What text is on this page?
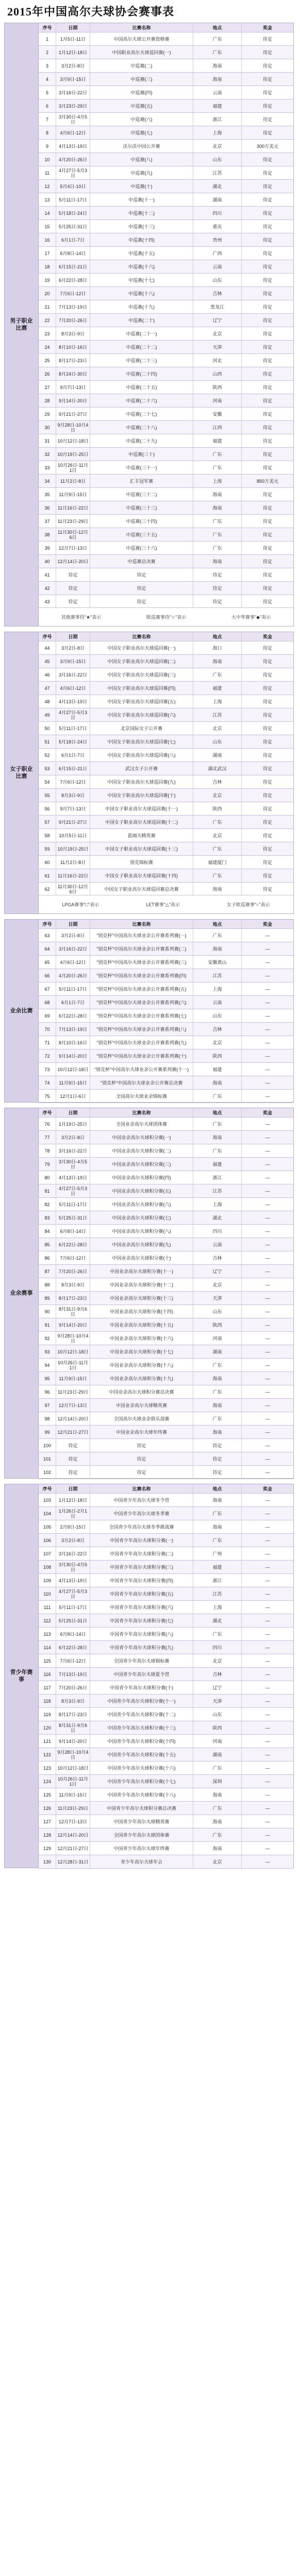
2015年中国高尔夫球协会赛事表
男子职业比赛
序号	日期	比赛名称	地点	奖金
1	1月5日-11日	中国高尔夫球公开赛资格赛	广东	待定
2	1月12日-18日	中国职业高尔夫球巡回赛(一)	广东	待定
3	3月2日-8日	中巡赛(二)	海南	待定
4	3月9日-15日	中巡赛(三)	海南	待定
5	3月16日-22日	中巡赛(四)	云南	待定
6	3月23日-29日	中巡赛(五)	福建	待定
7	3月30日-4月5日	中巡赛(六)	浙江	待定
8	4月6日-12日	中巡赛(七)	上海	待定
9	4月13日-19日	沃尔沃中国公开赛	北京	300万美元
10	4月20日-26日	中巡赛(八)	山东	待定
11	4月27日-5月3日	中巡赛(九)	江苏	待定
12	5月4日-10日	中巡赛(十)	湖北	待定
13	5月11日-17日	中巡赛(十一)	湖南	待定
14	5月18日-24日	中巡赛(十二)	四川	待定
15	5月25日-31日	中巡赛(十三)	重庆	待定
16	6月1日-7日	中巡赛(十四)	贵州	待定
17	6月8日-14日	中巡赛(十五)	广西	待定
18	6月15日-21日	中巡赛(十六)	云南	待定
19	6月22日-28日	中巡赛(十七)	山东	待定
20	7月6日-12日	中巡赛(十八)	吉林	待定
21	7月13日-19日	中巡赛(十九)	黑龙江	待定
22	7月20日-26日	中巡赛(二十)	辽宁	待定
23	8月3日-9日	中巡赛(二十一)	北京	待定
24	8月10日-16日	中巡赛(二十二)	天津	待定
25	8月17日-23日	中巡赛(二十三)	河北	待定
26	8月24日-30日	中巡赛(二十四)	山西	待定
27	9月7日-13日	中巡赛(二十五)	陕西	待定
28	9月14日-20日	中巡赛(二十六)	河南	待定
29	9月21日-27日	中巡赛(二十七)	安徽	待定
30	9月28日-10月4日	中巡赛(二十八)	江西	待定
31	10月12日-18日	中巡赛(二十九)	福建	待定
32	10月19日-25日	中巡赛(三十)	广东	待定
33	10月26日-11月1日	中巡赛(三十一)	广东	待定
34	11月2日-8日	汇丰冠军赛	上海	850万美元
35	11月9日-15日	中巡赛(三十二)	海南	待定
36	11月16日-22日	中巡赛(三十三)	海南	待定
37	11月23日-29日	中巡赛(三十四)	广东	待定
38	11月30日-12月6日	中巡赛(三十五)	广东	待定
39	12月7日-13日	中巡赛(三十六)	广东	待定
40	12月14日-20日	中巡赛总决赛	海南	待定
41	待定	待定	待定	待定
42	待定	待定	待定	待定
43	待定	待定	待定	待定
其他赛事待"★"表示	欧巡赛事待"☆"表示	大中华赛事"◆"表示
女子职业比赛
序号	日期	比赛名称	地点	奖金
44	3月2日-8日	中国女子职业高尔夫球巡回赛(一)	海口	待定
45	3月9日-15日	中国女子职业高尔夫球巡回赛(二)	海南	待定
46	3月16日-22日	中国女子职业高尔夫球巡回赛(三)	广东	待定
47	4月6日-12日	中国女子职业高尔夫球巡回赛(四)	福建	待定
48	4月13日-19日	中国女子职业高尔夫球巡回赛(五)	上海	待定
49	4月27日-5月3日	中国女子职业高尔夫球巡回赛(六)	江苏	待定
50	5月11日-17日	北京国际女子公开赛	北京	待定
51	5月18日-24日	中国女子职业高尔夫球巡回赛(七)	山东	待定
52	6月1日-7日	中国女子职业高尔夫球巡回赛(八)	湖南	待定
53	6月15日-21日	武汉女子公开赛	湖北武汉	待定
54	7月6日-12日	中国女子职业高尔夫球巡回赛(九)	吉林	待定
55	8月3日-9日	中国女子职业高尔夫球巡回赛(十)	北京	待定
56	9月7日-13日	中国女子职业高尔夫球巡回赛(十一)	陕西	待定
57	9月21日-27日	中国女子职业高尔夫球巡回赛(十二)	广东	待定
58	10月5日-11日	蓝阔夫精英赛	北京	待定
59	10月19日-25日	中国女子职业高尔夫球巡回赛(十三)	广东	待定
60	11月2日-8日	别克锦标赛	福建厦门	待定
61	11月16日-22日	中国女子职业高尔夫球巡回赛(十四)	广东	待定
62	11月30日-12月6日	中国女子职业高尔夫球巡回赛总决赛	海南	待定
LPGA赛事"□"表示	LET赛事"△"表示	女子欧巡赛事"○"表示
业余比赛
序号	日期	比赛名称	地点	奖金
63	3月2日-8日	"别克杯"中国高尔夫球业余公开赛系列赛(一)	广东	—
64	3月16日-22日	"别克杯"中国高尔夫球业余公开赛系列赛(二)	海南	—
65	4月6日-12日	"别克杯"中国高尔夫球业余公开赛系列赛(三)	安徽黄山	—
66	4月20日-26日	"别克杯"中国高尔夫球业余公开赛系列赛(四)	江苏	—
67	5月11日-17日	"别克杯"中国高尔夫球业余公开赛系列赛(五)	上海	—
68	6月1日-7日	"别克杯"中国高尔夫球业余公开赛系列赛(六)	云南	—
69	6月22日-28日	"别克杯"中国高尔夫球业余公开赛系列赛(七)	山东	—
70	7月13日-19日	"别克杯"中国高尔夫球业余公开赛系列赛(八)	吉林	—
71	8月10日-16日	"别克杯"中国高尔夫球业余公开赛系列赛(九)	北京	—
72	9月14日-20日	"别克杯"中国高尔夫球业余公开赛系列赛(十)	陕西	—
73	10月12日-18日	"别克杯"中国高尔夫球业余公开赛系列赛(十一)	福建	—
74	11月9日-15日	"别克杯"中国高尔夫球业余公开赛总决赛	海南	—
75	12月1日-6日	全国高尔夫球业余锦标赛	广东	—
业余赛事
序号	日期	比赛名称	地点	奖金
76	1月19日-25日	全国业余高尔夫球团体赛	广东	—
77	3月2日-8日	中国业余高尔夫球积分赛(一)	海南	—
78	3月16日-22日	中国业余高尔夫球积分赛(二)	广东	—
79	3月30日-4月5日	中国业余高尔夫球积分赛(三)	福建	—
80	4月13日-19日	中国业余高尔夫球积分赛(四)	浙江	—
81	4月27日-5月3日	中国业余高尔夫球积分赛(五)	江苏	—
82	5月11日-17日	中国业余高尔夫球积分赛(六)	上海	—
83	5月25日-31日	中国业余高尔夫球积分赛(七)	湖北	—
84	6月8日-14日	中国业余高尔夫球积分赛(八)	四川	—
85	6月22日-28日	中国业余高尔夫球积分赛(九)	云南	—
86	7月6日-12日	中国业余高尔夫球积分赛(十)	吉林	—
87	7月20日-26日	中国业余高尔夫球积分赛(十一)	辽宁	—
88	8月3日-9日	中国业余高尔夫球积分赛(十二)	北京	—
89	8月17日-23日	中国业余高尔夫球积分赛(十三)	天津	—
90	8月31日-9月6日	中国业余高尔夫球积分赛(十四)	山东	—
91	9月14日-20日	中国业余高尔夫球积分赛(十五)	陕西	—
92	9月28日-10月4日	中国业余高尔夫球积分赛(十六)	河南	—
93	10月12日-18日	中国业余高尔夫球积分赛(十七)	湖南	—
94	10月26日-11月1日	中国业余高尔夫球积分赛(十八)	广东	—
95	11月9日-15日	中国业余高尔夫球积分赛(十九)	海南	—
96	11月23日-29日	中国业余高尔夫球积分赛总决赛	广东	—
97	12月7日-13日	中国业余高尔夫球精英赛	海南	—
98	12月14日-20日	全国高尔夫球业余俱乐部赛	广东	—
99	12月21日-27日	中国业余高尔夫球年终赛	海南	—
100	待定	待定	待定	—
101	待定	待定	待定	—
102	待定	待定	待定	—
青少年赛事
序号	日期	比赛名称	地点	奖金
103	1月12日-18日	中国青少年高尔夫球冬令营	海南	—
104	1月26日-2月1日	中国青少年高尔夫球冬季赛	广东	—
105	2月9日-15日	全国青少年高尔夫球冬季挑战赛	海南	—
106	3月2日-8日	中国青少年高尔夫球积分赛(一)	广东	—
107	3月16日-22日	中国青少年高尔夫球积分赛(二)	广州	—
108	3月30日-4月5日	中国青少年高尔夫球积分赛(三)	福建	—
109	4月13日-19日	中国青少年高尔夫球积分赛(四)	浙江	—
110	4月27日-5月3日	中国青少年高尔夫球积分赛(五)	江苏	—
111	5月11日-17日	中国青少年高尔夫球积分赛(六)	上海	—
112	5月25日-31日	中国青少年高尔夫球积分赛(七)	湖北	—
113	6月8日-14日	中国青少年高尔夫球积分赛(八)	广东	—
114	6月22日-28日	中国青少年高尔夫球积分赛(九)	四川	—
115	7月6日-12日	全国青少年高尔夫球锦标赛	北京	—
116	7月13日-19日	中国青少年高尔夫球夏令营	吉林	—
117	7月20日-26日	中国青少年高尔夫球积分赛(十)	辽宁	—
118	8月3日-9日	中国青少年高尔夫球积分赛(十一)	天津	—
119	8月17日-23日	中国青少年高尔夫球积分赛(十二)	山东	—
120	8月31日-9月6日	中国青少年高尔夫球积分赛(十三)	陕西	—
121	9月14日-20日	中国青少年高尔夫球积分赛(十四)	河南	—
122	9月28日-10月4日	中国青少年高尔夫球积分赛(十五)	湖南	—
123	10月12日-18日	中国青少年高尔夫球积分赛(十六)	广东	—
124	10月26日-11月1日	中国青少年高尔夫球积分赛(十七)	深圳	—
125	11月9日-15日	中国青少年高尔夫球积分赛(十八)	海南	—
126	11月23日-29日	中国青少年高尔夫球积分赛总决赛	广东	—
127	12月7日-13日	中国青少年高尔夫球精英赛	海南	—
128	12月14日-20日	全国青少年高尔夫球团体赛	广东	—
129	12月21日-27日	中国青少年高尔夫球年终赛	海南	—
130	12月28日-31日	青少年高尔夫球年会	北京	—
